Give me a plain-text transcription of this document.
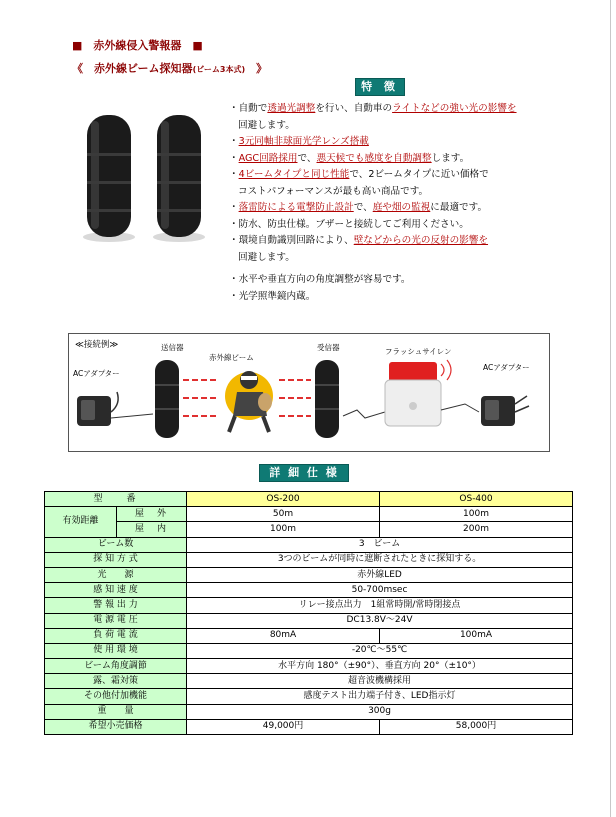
■　赤外線侵入警報器　■
《　赤外線ビーム探知器(ビーム3本式)　》
特 徴
・自動で透過光調整を行い、自動車のライトなどの強い光の影響を
回避します。
・3元同軸非球面光学レンズ搭載
・AGC回路採用で、悪天候でも感度を自動調整します。
・4ビームタイプと同じ性能で、2ビームタイプに近い価格で
コストパフォーマンスが最も高い商品です。
・落雷防による電撃防止設計で、庭や畑の監視に最適です。
・防水、防虫仕様。ブザーと接続してご利用ください。
・環境自動識別回路により、壁などからの光の反射の影響を
回避します。
・水平や垂直方向の角度調整が容易です。
・光学照準鏡内蔵。
≪接続例≫
ACアダプター
送信器
赤外線ビーム
受信器	フラッシュサイレン
ACアダプター
詳 細 仕 様
型　　番		OS-200	OS-400
有効距離	屋　外	50m	100m
	屋　内	100m	200m
ビーム数		3　ビーム	
探 知 方 式		3つのビームが同時に遮断されたときに探知する。	
光　　源		赤外線LED	
感 知 速 度		50-700msec	
警 報 出 力		リレー接点出力　1組常時開/常時閉接点	
電 源 電 圧		DC13.8V～24V	
負 荷 電 流		80mA	100mA
使 用 環 境		-20℃～55℃	
ビーム角度調節		水平方向 180°（±90°）、垂直方向 20°（±10°）	
露、霜対策		超音波機構採用	
その他付加機能		感度テスト出力端子付き、LED指示灯	
重　　量		300g	
希望小売価格		49,000円	58,000円
